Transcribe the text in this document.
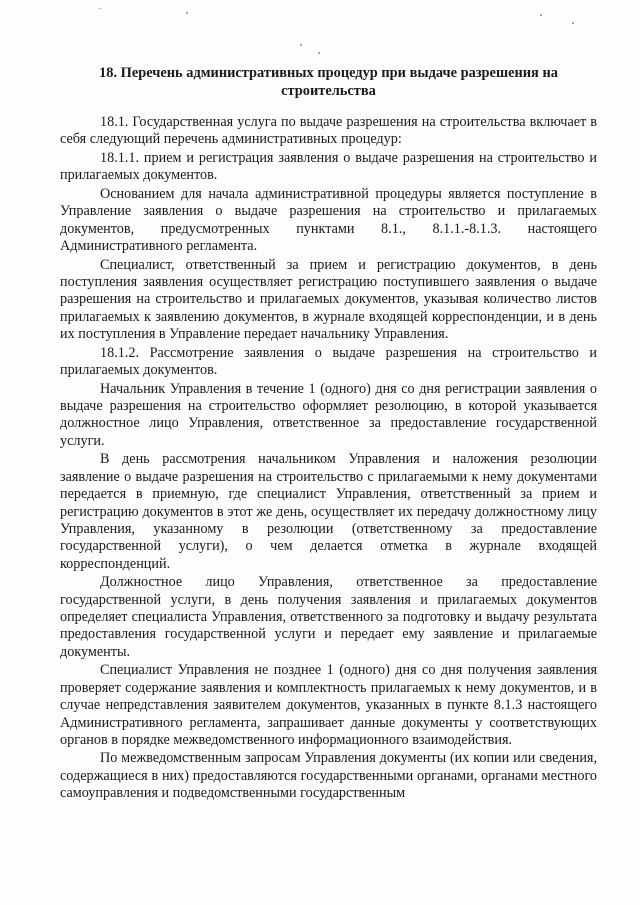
˘
18. Перечень административных процедур при выдаче разрешения на строительства

18.1. Государственная услуга по выдаче разрешения на строительства включает в себя следующий перечень административных процедур:

18.1.1. прием и регистрация заявления о выдаче разрешения на строительство и прилагаемых документов.

Основанием для начала административной процедуры является поступление в Управление заявления о выдаче разрешения на строительство и прилагаемых документов, предусмотренных пунктами 8.1., 8.1.1.-8.1.3. настоящего Административного регламента.

Специалист, ответственный за прием и регистрацию документов, в день поступления заявления осуществляет регистрацию поступившего заявления о выдаче разрешения на строительство и прилагаемых документов, указывая количество листов прилагаемых к заявлению документов, в журнале входящей корреспонденции, и в день их поступления в Управление передает начальнику Управления.

18.1.2. Рассмотрение заявления о выдаче разрешения на строительство и прилагаемых документов.

Начальник Управления в течение 1 (одного) дня со дня регистрации заявления о выдаче разрешения на строительство оформляет резолюцию, в которой указывается должностное лицо Управления, ответственное за предоставление государственной услуги.

В день рассмотрения начальником Управления и наложения резолюции заявление о выдаче разрешения на строительство с прилагаемыми к нему документами передается в приемную, где специалист Управления, ответственный за прием и регистрацию документов в этот же день, осуществляет их передачу должностному лицу Управления, указанному в резолюции (ответственному за предоставление государственной услуги), о чем делается отметка в журнале входящей корреспонденций.

Должностное лицо Управления, ответственное за предоставление государственной услуги, в день получения заявления и прилагаемых документов определяет специалиста Управления, ответственного за подготовку и выдачу результата предоставления государственной услуги и передает ему заявление и прилагаемые документы.

Специалист Управления не позднее 1 (одного) дня со дня получения заявления проверяет содержание заявления и комплектность прилагаемых к нему документов, и в случае непредставления заявителем документов, указанных в пункте 8.1.3 настоящего Административного регламента, запрашивает данные документы у соответствующих органов в порядке межведомственного информационного взаимодействия.

По межведомственным запросам Управления документы (их копии или сведения, содержащиеся в них) предоставляются государственными органами, органами местного самоуправления и подведомственными государственным
